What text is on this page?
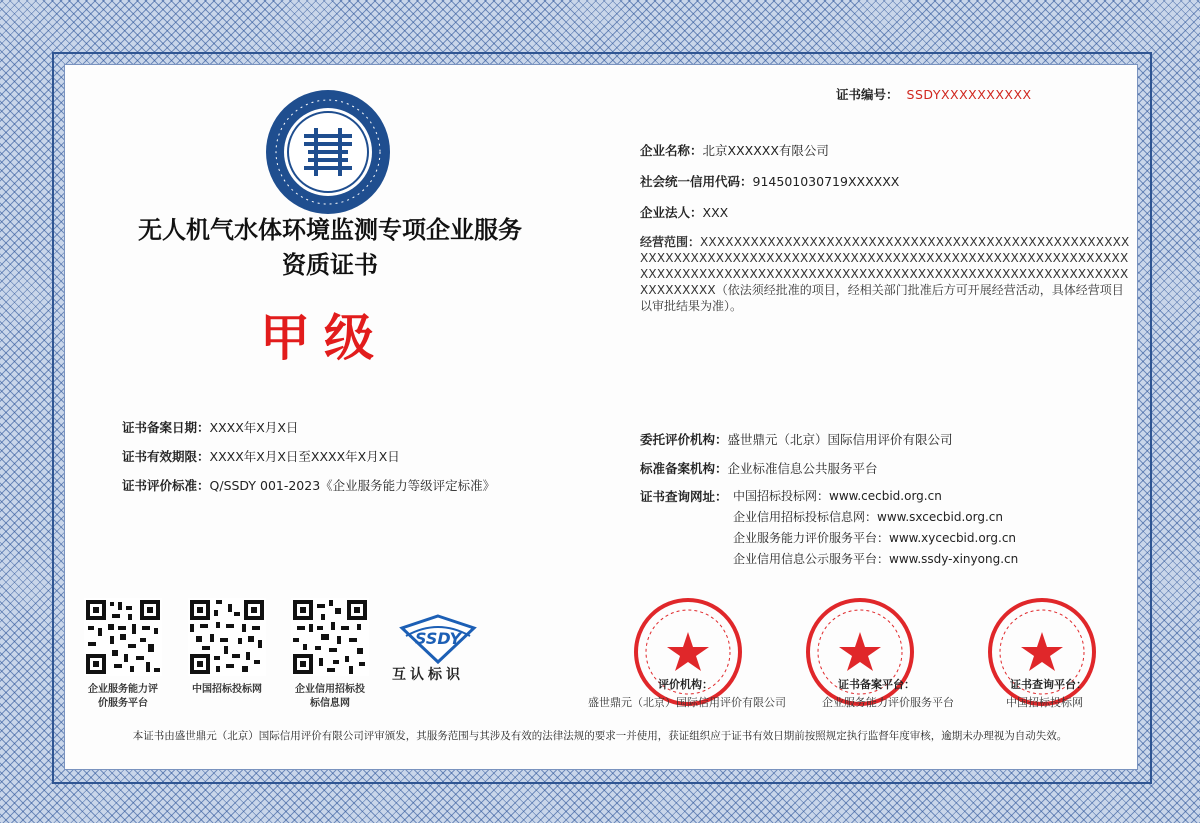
证书编号： SSDYXXXXXXXXXX
无人机气水体环境监测专项企业服务
资质证书
甲级
企业名称：北京XXXXXX有限公司
社会统一信用代码：914501030719XXXXXX
企业法人：XXX
经营范围：XXXXXXXXXXXXXXXXXXXXXXXXXXXXXXXXXXXXXXXXXXXXXXXXXXXXXXXXXXXXXXXXXXXXXXXXXXXXXXXXXXXXXXXXXXXXXXXXXXXXXXXXXXXXXXXXXXXXXXXXXXXXXXXXXXXXXXXXXXXXXXXXXXXXXXXXXXXXXXXXXXXXXXXXXXXXXXXX（依法须经批准的项目，经相关部门批准后方可开展经营活动，具体经营项目以审批结果为准）。
证书备案日期：XXXX年X月X日
证书有效期限：XXXX年X月X日至XXXX年X月X日
证书评价标准：Q/SSDY 001-2023《企业服务能力等级评定标准》
委托评价机构：盛世鼎元（北京）国际信用评价有限公司
标准备案机构：企业标准信息公共服务平台
证书查询网址： 中国招标投标网：www.cecbid.org.cn
企业信用招标投标信息网：www.sxcecbid.org.cn
企业服务能力评价服务平台：www.xycecbid.org.cn
企业信用信息公示服务平台：www.ssdy-xinyong.cn
企业服务能力评
价服务平台
中国招标投标网	企业信用招标投
标信息网
SSDY
互认标识
评价机构：
盛世鼎元（北京）国际信用评价有限公司
证书备案平台：
企业服务能力评价服务平台
证书查询平台：
中国招标投标网
本证书由盛世鼎元（北京）国际信用评价有限公司评审颁发，其服务范围与其涉及有效的法律法规的要求一并使用，获证组织应于证书有效日期前按照规定执行监督年度审核，逾期未办理视为自动失效。
